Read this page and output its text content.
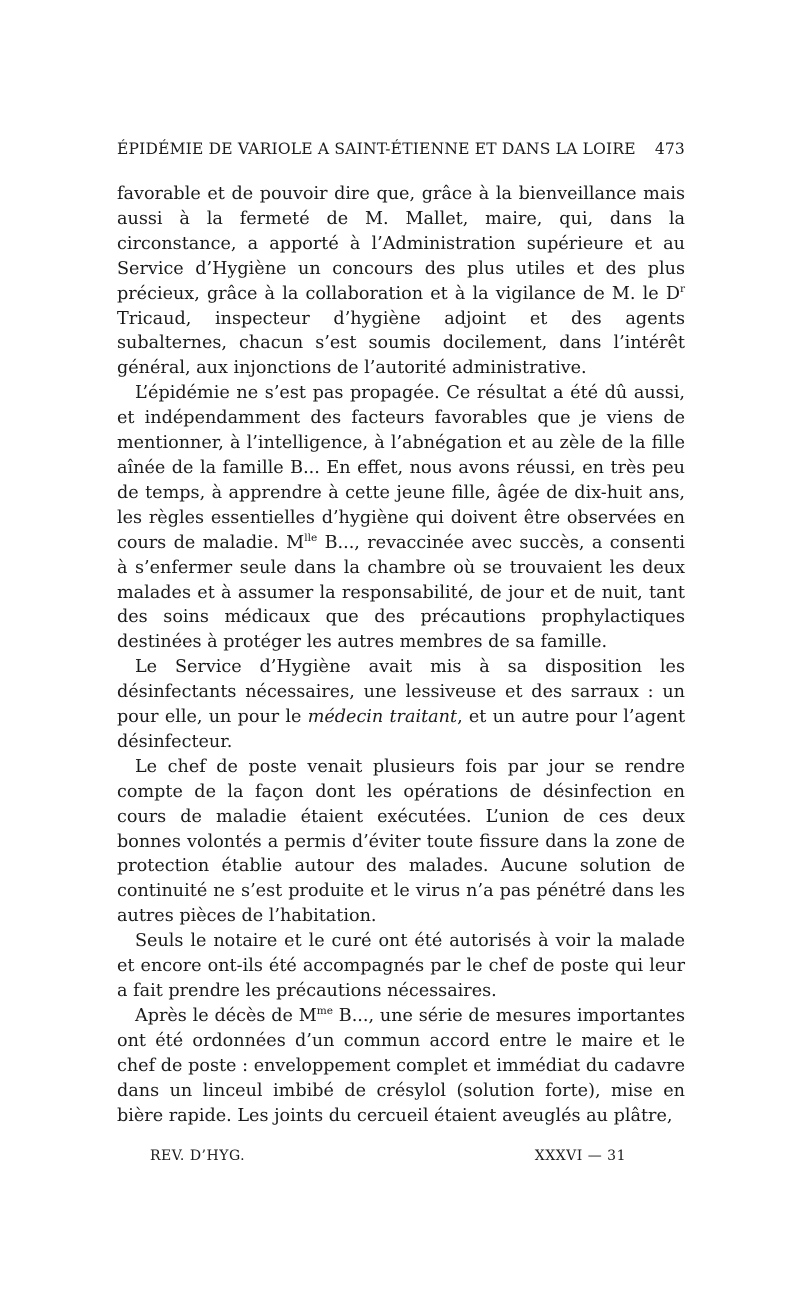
ÉPIDÉMIE DE VARIOLE A SAINT-ÉTIENNE ET DANS LA LOIRE 473

favorable et de pouvoir dire que, grâce à la bienveillance mais aussi à la fermeté de M. Mallet, maire, qui, dans la circonstance, a apporté à l’Administration supérieure et au Service d’Hygiène un concours des plus utiles et des plus précieux, grâce à la collaboration et à la vigilance de M. le $D^r$ Tricaud, inspecteur d’hygiène adjoint et des agents subalternes, chacun s’est soumis docilement, dans l’intérêt général, aux injonctions de l’autorité administrative.

L’épidémie ne s’est pas propagée. Ce résultat a été dû aussi, et indépendamment des facteurs favorables que je viens de mentionner, à l’intelligence, à l’abnégation et au zèle de la fille aînée de la famille B... En effet, nous avons réussi, en très peu de temps, à apprendre à cette jeune fille, âgée de dix-huit ans, les règles essentielles d’hygiène qui doivent être observées en cours de maladie. $M^{lle}$ B..., revaccinée avec succès, a consenti à s’enfermer seule dans la chambre où se trouvaient les deux malades et à assumer la responsabilité, de jour et de nuit, tant des soins médicaux que des précautions prophylactiques destinées à protéger les autres membres de sa famille.

Le Service d’Hygiène avait mis à sa disposition les désinfectants nécessaires, une lessiveuse et des sarraux : un pour elle, un pour le médecin traitant, et un autre pour l’agent désinfecteur.

Le chef de poste venait plusieurs fois par jour se rendre compte de la façon dont les opérations de désinfection en cours de maladie étaient exécutées. L’union de ces deux bonnes volontés a permis d’éviter toute fissure dans la zone de protection établie autour des malades. Aucune solution de continuité ne s’est produite et le virus n’a pas pénétré dans les autres pièces de l’habitation.

Seuls le notaire et le curé ont été autorisés à voir la malade et encore ont-ils été accompagnés par le chef de poste qui leur a fait prendre les précautions nécessaires.

Après le décès de $M^{me}$ B..., une série de mesures importantes ont été ordonnées d’un commun accord entre le maire et le chef de poste : enveloppement complet et immédiat du cadavre dans un linceul imbibé de crésylol (solution forte), mise en bière rapide. Les joints du cercueil étaient aveuglés au plâtre,

REV. D’HYG.	XXXVI — 31
